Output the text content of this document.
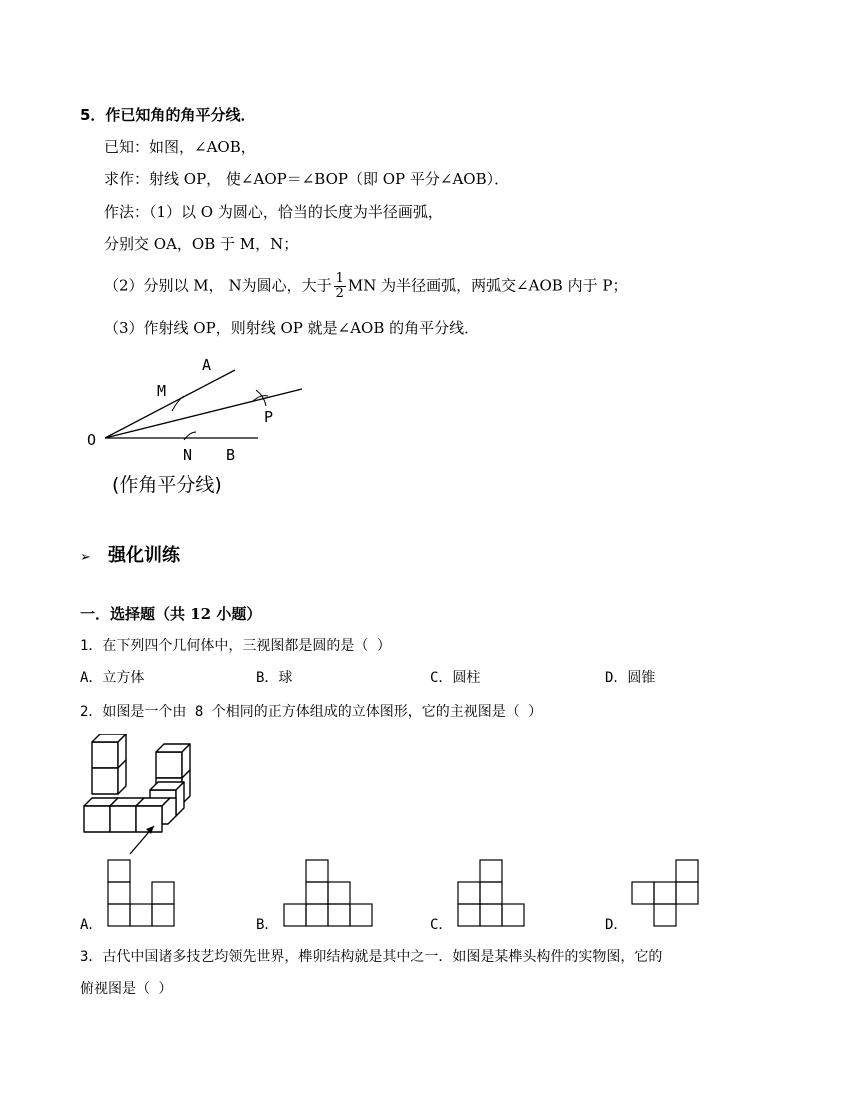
5．作已知角的角平分线．
已知：如图，∠AOB，
求作：射线 OP， 使∠AOP＝∠BOP（即 OP 平分∠AOB）．
作法：（1）以 O 为圆心，恰当的长度为半径画弧，
分别交 OA，OB 于 M，N；
（2）分别以 M， N为圆心，大于 $\frac{1}{2}$ MN 为半径画弧，两弧交∠AOB 内于 P；
（3）作射线 OP，则射线 OP 就是∠AOB 的角平分线．
A
M
P
O
N B
(作角平分线)
➢ 强化训练
一．选择题（共 12 小题）
1．在下列四个几何体中，三视图都是圆的是（ ）
A．立方体	B．球	C．圆柱	D．圆锥
2．如图是一个由 8 个相同的正方体组成的立体图形，它的主视图是（ ）
A．	B．	C．	D．
3．古代中国诸多技艺均领先世界，榫卯结构就是其中之一．如图是某榫头构件的实物图，它的
俯视图是（ ）
